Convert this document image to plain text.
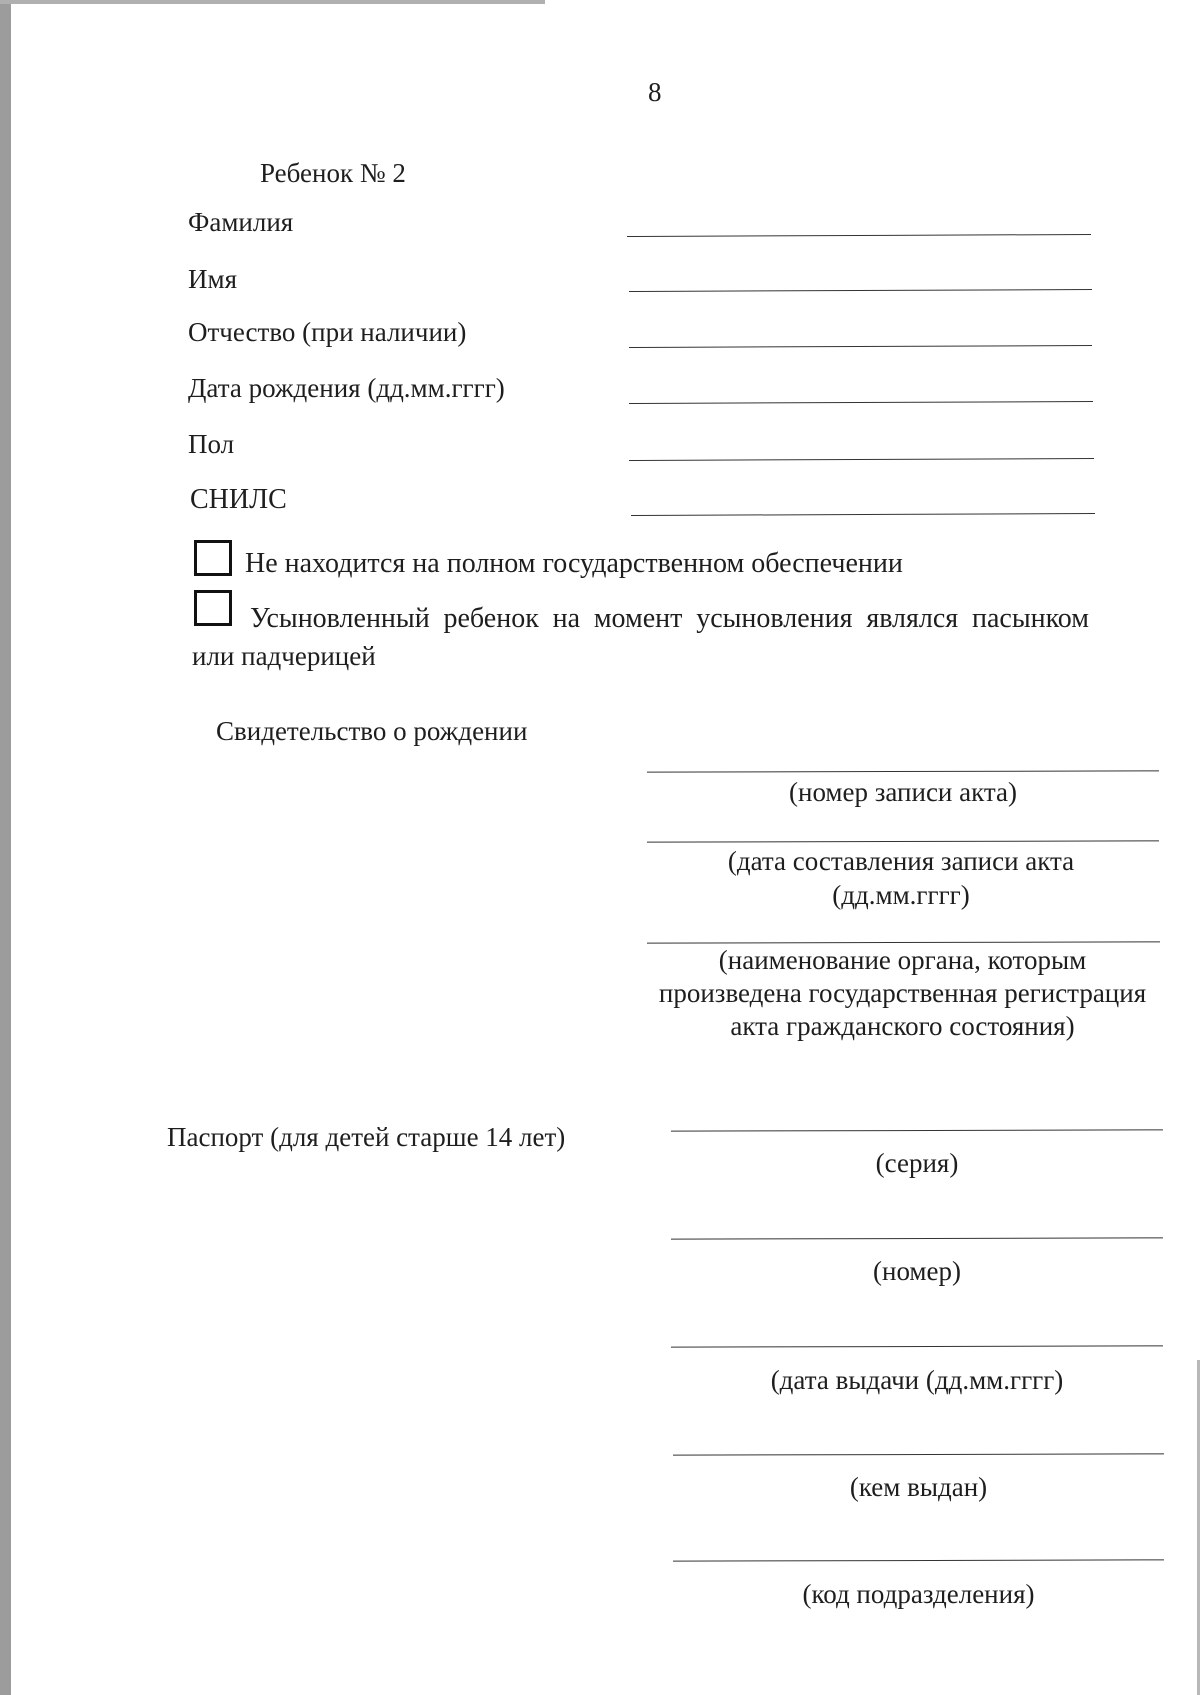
8
Ребенок № 2
Фамилия
Имя
Отчество (при наличии)
Дата рождения (дд.мм.гггг)
Пол
СНИЛС
Не находится на полном государственном обеспечении
Усыновленный ребенок на момент усыновления являлся пасынком
или падчерицей
Свидетельство о рождении
(номер записи акта)
(дата составления записи акта
(дд.мм.гггг)
(наименование органа, которым
произведена государственная регистрация
акта гражданского состояния)
Паспорт (для детей старше 14 лет)
(серия)
(номер)
(дата выдачи (дд.мм.гггг)
(кем выдан)
(код подразделения)
